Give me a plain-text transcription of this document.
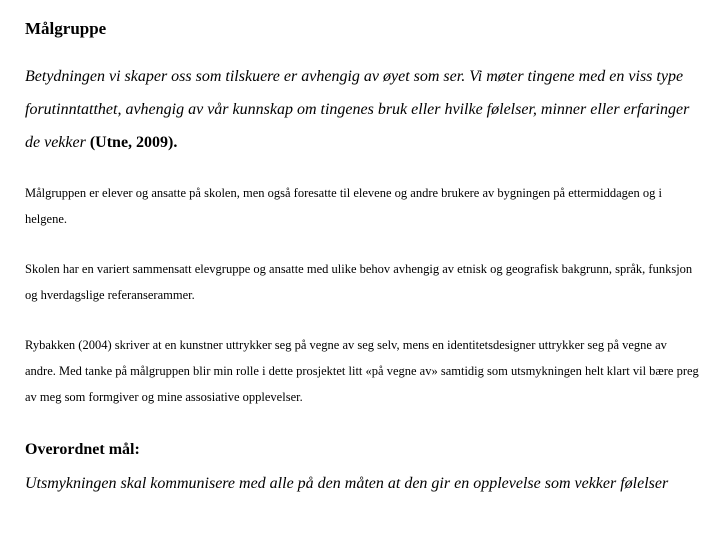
Målgruppe
Betydningen vi skaper oss som tilskuere er avhengig av øyet som ser. Vi møter tingene med en viss type forutinntatthet, avhengig av vår kunnskap om tingenes bruk eller hvilke følelser, minner eller erfaringer de vekker (Utne, 2009).
Målgruppen er elever og ansatte på skolen, men også foresatte til elevene og andre brukere av bygningen på ettermiddagen og i helgene.
Skolen har en variert sammensatt elevgruppe og ansatte med ulike behov avhengig av etnisk og geografisk bakgrunn, språk, funksjon og hverdagslige referanserammer.
Rybakken (2004) skriver at en kunstner uttrykker seg på vegne av seg selv, mens en identitetsdesigner uttrykker seg på vegne av andre. Med tanke på målgruppen blir min rolle i dette prosjektet litt «på vegne av» samtidig som utsmykningen helt klart vil bære preg av meg som formgiver og mine assosiative opplevelser.
Overordnet mål:
Utsmykningen skal kommunisere med alle på den måten at den gir en opplevelse som vekker følelser
